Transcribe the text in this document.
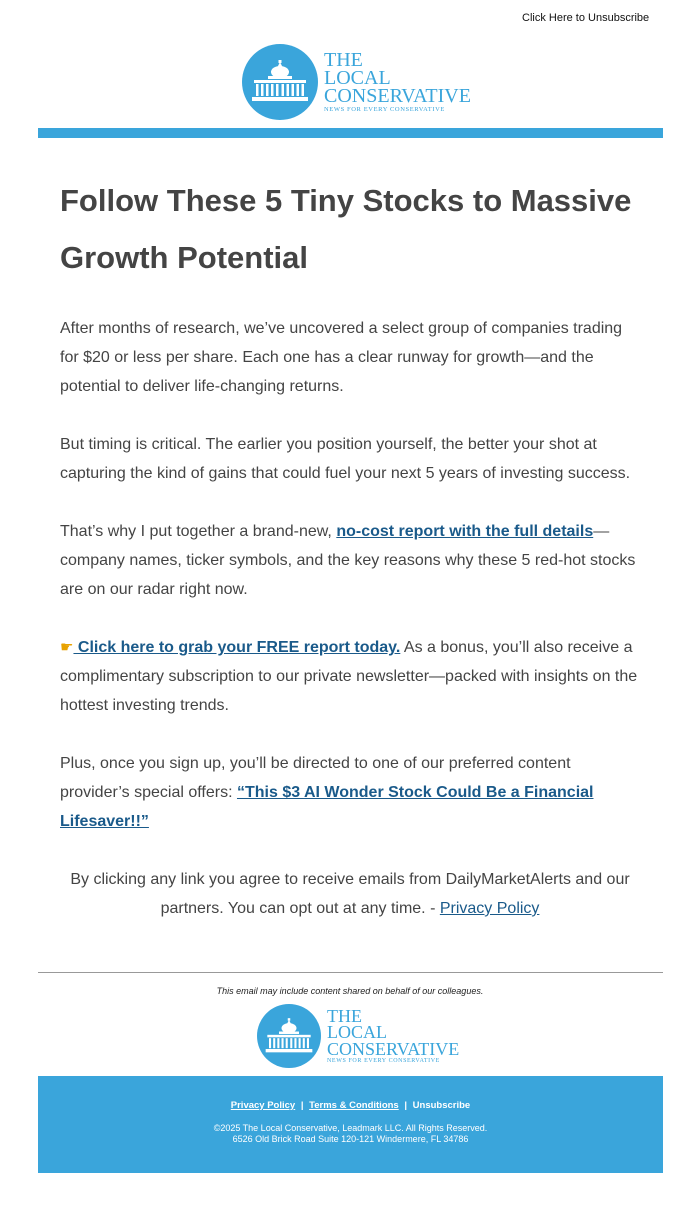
Click Here to Unsubscribe
THE
LOCAL
CONSERVATIVE
NEWS FOR EVERY CONSERVATIVE
Follow These 5 Tiny Stocks to Massive Growth Potential

After months of research, we’ve uncovered a select group of companies trading for $20 or less per share. Each one has a clear runway for growth—and the potential to deliver life-changing returns.

But timing is critical. The earlier you position yourself, the better your shot at capturing the kind of gains that could fuel your next 5 years of investing success.

That’s why I put together a brand-new, no-cost report with the full details—company names, ticker symbols, and the key reasons why these 5 red-hot stocks are on our radar right now.

☛ Click here to grab your FREE report today. As a bonus, you’ll also receive a complimentary subscription to our private newsletter—packed with insights on the hottest investing trends.

Plus, once you sign up, you’ll be directed to one of our preferred content provider’s special offers: “This $3 AI Wonder Stock Could Be a Financial Lifesaver!!”

By clicking any link you agree to receive emails from DailyMarketAlerts and our partners. You can opt out at any time. - Privacy Policy

This email may include content shared on behalf of our colleagues.
THE
LOCAL
CONSERVATIVE
NEWS FOR EVERY CONSERVATIVE
Privacy Policy | Terms & Conditions | Unsubscribe
©2025 The Local Conservative, Leadmark LLC. All Rights Reserved.
6526 Old Brick Road Suite 120-121 Windermere, FL 34786
